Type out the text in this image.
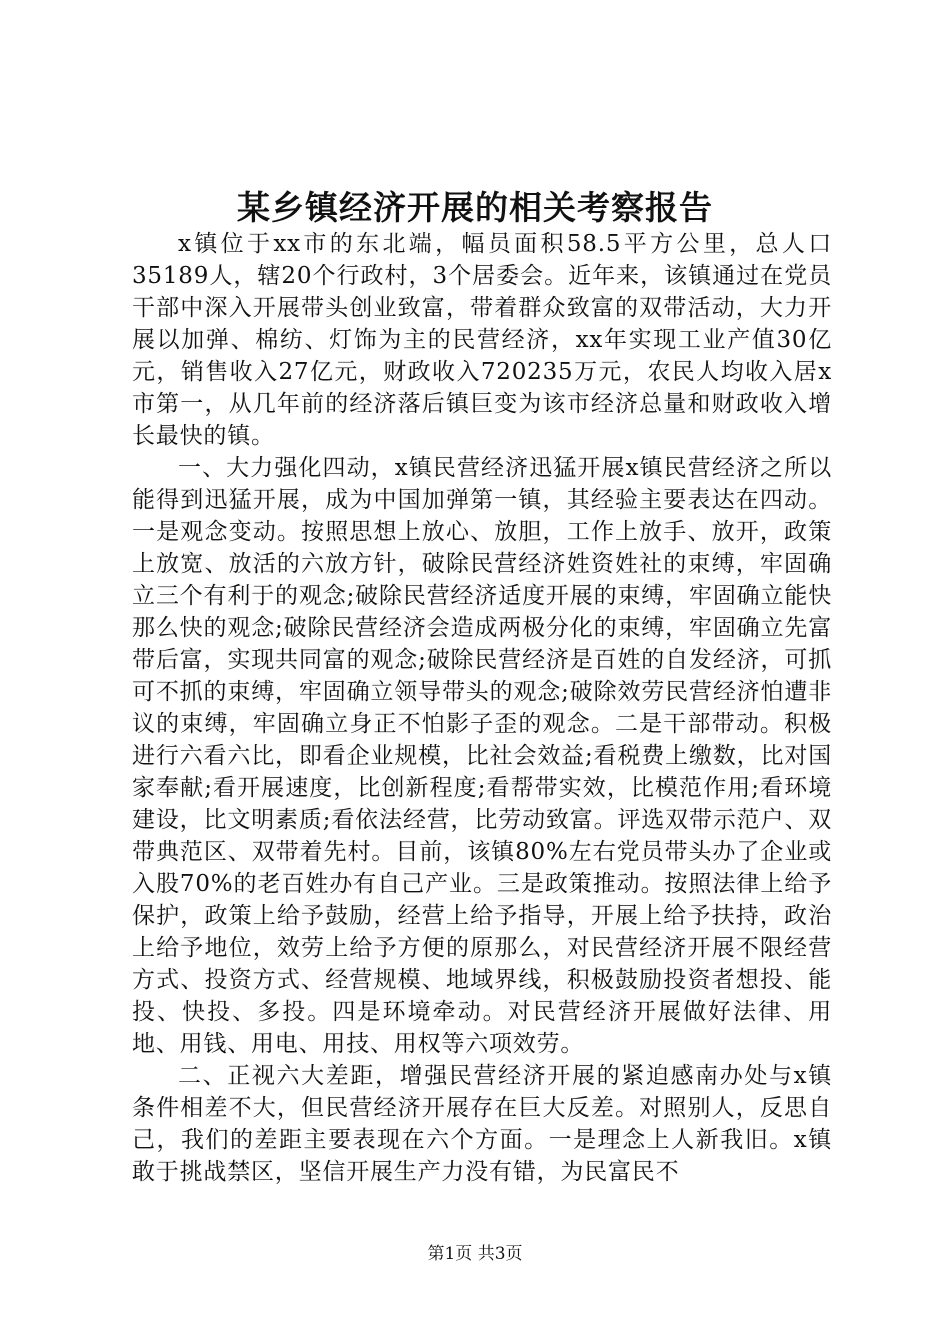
某乡镇经济开展的相关考察报告

x镇位于xx市的东北端，幅员面积58.5平方公里，总人口35189人，辖20个行政村，3个居委会。近年来，该镇通过在党员干部中深入开展带头创业致富，带着群众致富的双带活动，大力开展以加弹、棉纺、灯饰为主的民营经济，xx年实现工业产值30亿元，销售收入27亿元，财政收入720235万元，农民人均收入居x市第一，从几年前的经济落后镇巨变为该市经济总量和财政收入增长最快的镇。

一、大力强化四动，x镇民营经济迅猛开展x镇民营经济之所以能得到迅猛开展，成为中国加弹第一镇，其经验主要表达在四动。一是观念变动。按照思想上放心、放胆，工作上放手、放开，政策上放宽、放活的六放方针，破除民营经济姓资姓社的束缚，牢固确立三个有利于的观念;破除民营经济适度开展的束缚，牢固确立能快那么快的观念;破除民营经济会造成两极分化的束缚，牢固确立先富带后富，实现共同富的观念;破除民营经济是百姓的自发经济，可抓可不抓的束缚，牢固确立领导带头的观念;破除效劳民营经济怕遭非议的束缚，牢固确立身正不怕影子歪的观念。二是干部带动。积极进行六看六比，即看企业规模，比社会效益;看税费上缴数，比对国家奉献;看开展速度，比创新程度;看帮带实效，比模范作用;看环境建设，比文明素质;看依法经营，比劳动致富。评选双带示范户、双带典范区、双带着先村。目前，该镇80%左右党员带头办了企业或入股70%的老百姓办有自己产业。三是政策推动。按照法律上给予保护，政策上给予鼓励，经营上给予指导，开展上给予扶持，政治上给予地位，效劳上给予方便的原那么，对民营经济开展不限经营方式、投资方式、经营规模、地域界线，积极鼓励投资者想投、能投、快投、多投。四是环境牵动。对民营经济开展做好法律、用地、用钱、用电、用技、用权等六项效劳。

二、正视六大差距，增强民营经济开展的紧迫感南办处与x镇条件相差不大，但民营经济开展存在巨大反差。对照别人，反思自己，我们的差距主要表现在六个方面。一是理念上人新我旧。x镇敢于挑战禁区，坚信开展生产力没有错，为民富民不

第1页 共3页
